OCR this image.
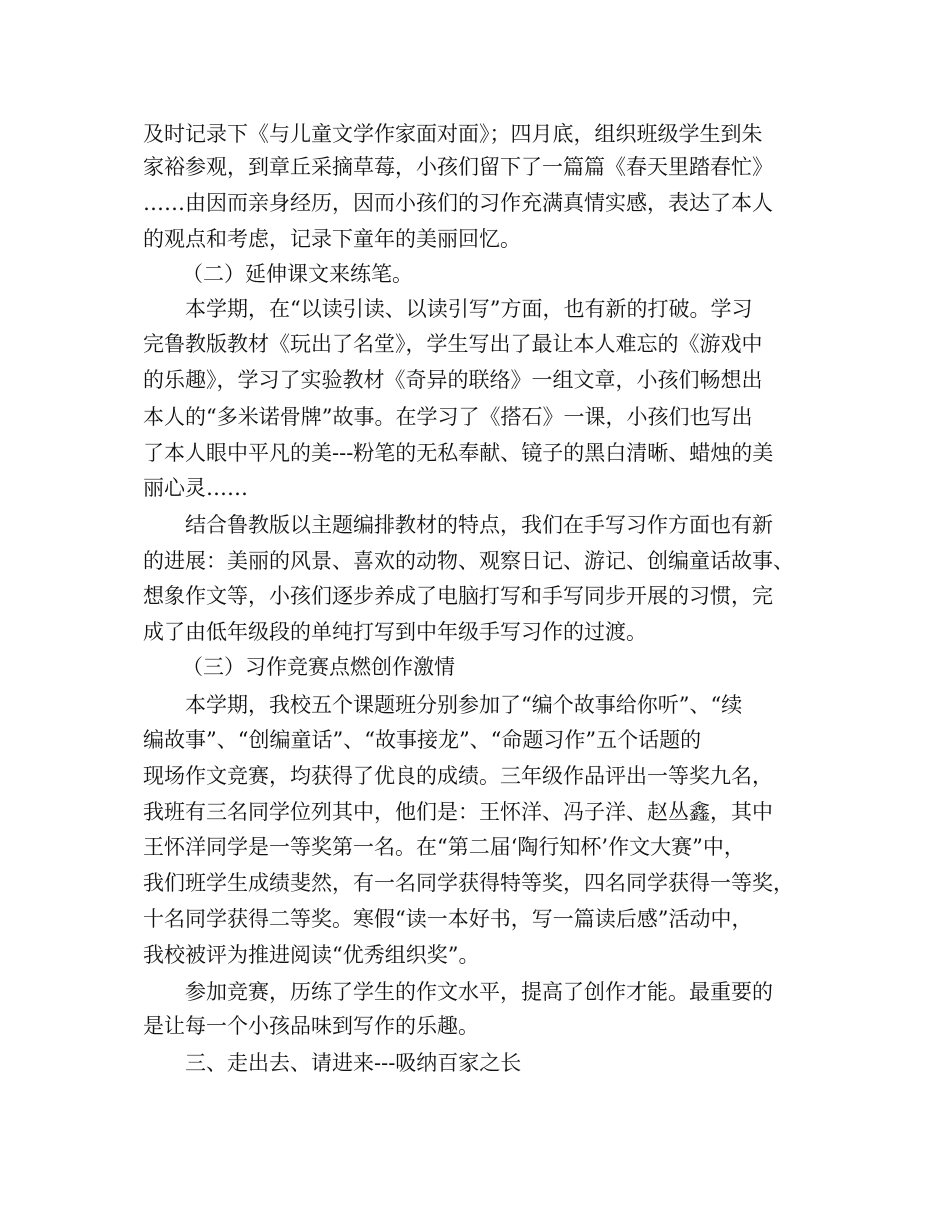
及时记录下《与儿童文学作家面对面》；四月底，组织班级学生到朱
家裕参观，到章丘采摘草莓，小孩们留下了一篇篇《春天里踏春忙》
……由因而亲身经历，因而小孩们的习作充满真情实感，表达了本人
的观点和考虑，记录下童年的美丽回忆。
（二）延伸课文来练笔。
本学期，在“以读引读、以读引写”方面，也有新的打破。学习
完鲁教版教材《玩出了名堂》，学生写出了最让本人难忘的《游戏中
的乐趣》，学习了实验教材《奇异的联络》一组文章，小孩们畅想出
本人的“多米诺骨牌”故事。在学习了《搭石》一课，小孩们也写出
了本人眼中平凡的美---粉笔的无私奉献、镜子的黑白清晰、蜡烛的美
丽心灵……
结合鲁教版以主题编排教材的特点，我们在手写习作方面也有新
的进展：美丽的风景、喜欢的动物、观察日记、游记、创编童话故事、
想象作文等，小孩们逐步养成了电脑打写和手写同步开展的习惯，完
成了由低年级段的单纯打写到中年级手写习作的过渡。
（三）习作竞赛点燃创作激情
本学期，我校五个课题班分别参加了“编个故事给你听”、“续
编故事”、“创编童话”、“故事接龙”、“命题习作”五个话题的
现场作文竞赛，均获得了优良的成绩。三年级作品评出一等奖九名，
我班有三名同学位列其中，他们是：王怀洋、冯子洋、赵丛鑫，其中
王怀洋同学是一等奖第一名。在“第二届‘陶行知杯’作文大赛”中，
我们班学生成绩斐然，有一名同学获得特等奖，四名同学获得一等奖，
十名同学获得二等奖。寒假“读一本好书，写一篇读后感”活动中，
我校被评为推进阅读“优秀组织奖”。
参加竞赛，历练了学生的作文水平，提高了创作才能。最重要的
是让每一个小孩品味到写作的乐趣。
三、走出去、请进来---吸纳百家之长
